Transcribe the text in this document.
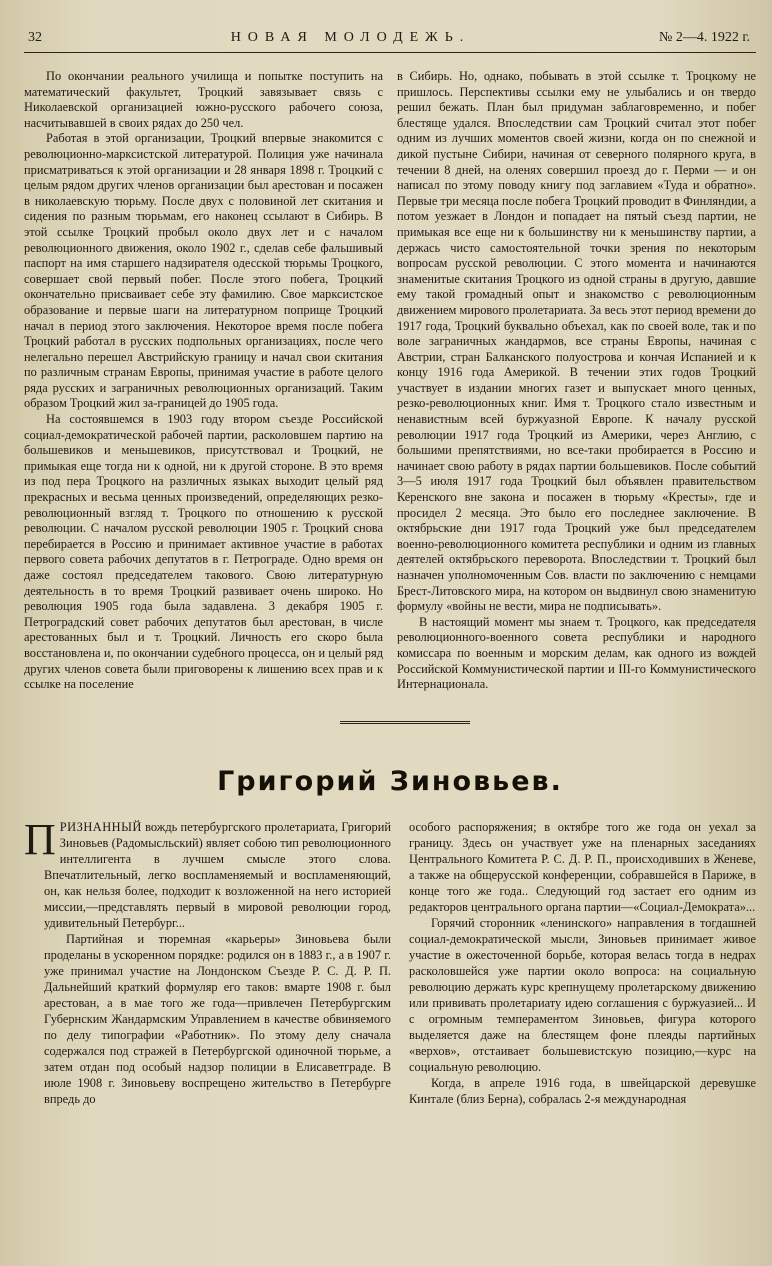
32	НОВАЯ МОЛОДЕЖЬ.	№ 2—4. 1922 г.

По окончании реального училища и попытке поступить на математический факультет, Троцкий завязывает связь с Николаевской организацией южно-русского рабочего союза, насчитывавшей в своих рядах до 250 чел.

Работая в этой организации, Троцкий впервые знакомится с революционно-марксистской литературой. Полиция уже начинала присматриваться к этой организации и 28 января 1898 г. Троцкий с целым рядом других членов организации был арестован и посажен в николаевскую тюрьму. После двух с половиной лет скитания и сидения по разным тюрьмам, его наконец ссылают в Сибирь. В этой ссылке Троцкий пробыл около двух лет и с началом революционного движения, около 1902 г., сделав себе фальшивый паспорт на имя старшего надзирателя одесской тюрьмы Троцкого, совершает свой первый побег. После этого побега, Троцкий окончательно присваивает себе эту фамилию. Свое марксистское образование и первые шаги на литературном поприще Троцкий начал в период этого заключения. Некоторое время после побега Троцкий работал в русских подпольных организациях, после чего нелегально перешел Австрийскую границу и начал свои скитания по различным странам Европы, принимая участие в работе целого ряда русских и заграничных революционных организаций. Таким образом Троцкий жил за-границей до 1905 года.

На состоявшемся в 1903 году втором съезде Российской социал-демократической рабочей партии, расколовшем партию на большевиков и меньшевиков, присутствовал и Троцкий, не примыкая еще тогда ни к одной, ни к другой стороне. В это время из под пера Троцкого на различных языках выходит целый ряд прекрасных и весьма ценных произведений, определяющих резко-революционный взгляд т. Троцкого по отношению к русской революции. С началом русской революции 1905 г. Троцкий снова перебирается в Россию и принимает активное участие в работах первого совета рабочих депутатов в г. Петрограде. Одно время он даже состоял председателем такового. Свою литературную деятельность в то время Троцкий развивает очень широко. Но революция 1905 года была задавлена. 3 декабря 1905 г. Петроградский совет рабочих депутатов был арестован, в числе арестованных был и т. Троцкий. Личность его скоро была восстановлена и, по окончании судебного процесса, он и целый ряд других членов совета были приговорены к лишению всех прав и к ссылке на поселение

в Сибирь. Но, однако, побывать в этой ссылке т. Троцкому не пришлось. Перспективы ссылки ему не улыбались и он твердо решил бежать. План был придуман заблаговременно, и побег блестяще удался. Впоследствии сам Троцкий считал этот побег одним из лучших моментов своей жизни, когда он по снежной и дикой пустыне Сибири, начиная от северного полярного круга, в течении 8 дней, на оленях совершил проезд до г. Перми — и он написал по этому поводу книгу под заглавием «Туда и обратно». Первые три месяца после побега Троцкий проводит в Финляндии, а потом уезжает в Лондон и попадает на пятый съезд партии, не примыкая все еще ни к большинству ни к меньшинству партии, а держась чисто самостоятельной точки зрения по некоторым вопросам русской революции. С этого момента и начинаются знаменитые скитания Троцкого из одной страны в другую, давшие ему такой громадный опыт и знакомство с революционным движением мирового пролетариата. За весь этот период времени до 1917 года, Троцкий буквально объехал, как по своей воле, так и по воле заграничных жандармов, все страны Европы, начиная с Австрии, стран Балканского полуострова и кончая Испанией и к концу 1916 года Америкой. В течении этих годов Троцкий участвует в издании многих газет и выпускает много ценных, резко-революционных книг. Имя т. Троцкого стало известным и ненавистным всей буржуазной Европе. К началу русской революции 1917 года Троцкий из Америки, через Англию, с большими препятствиями, но все-таки пробирается в Россию и начинает свою работу в рядах партии большевиков. После событий 3—5 июля 1917 года Троцкий был объявлен правительством Керенского вне закона и посажен в тюрьму «Кресты», где и просидел 2 месяца. Это было его последнее заключение. В октябрьские дни 1917 года Троцкий уже был председателем военно-революционного комитета республики и одним из главных деятелей октябрьского переворота. Впоследствии т. Троцкий был назначен уполномоченным Сов. власти по заключению с немцами Брест-Литовского мира, на котором он выдвинул свою знаменитую формулу «войны не вести, мира не подписывать».

В настоящий момент мы знаем т. Троцкого, как председателя революционного-военного совета республики и народного комиссара по военным и морским делам, как одного из вождей Российской Коммунистической партии и III-го Коммунистического Интернационала.

Григорий Зиновьев.

ПРИЗНАННЫЙ вождь петербургского пролетариата, Григорий Зиновьев (Радомысльский) являет собою тип революционного интеллигента в лучшем смысле этого слова. Впечатлительный, легко воспламеняемый и воспламеняющий, он, как нельзя более, подходит к возложенной на него историей миссии,—представлять первый в мировой революции город, удивительный Петербург...

Партийная и тюремная «карьеры» Зиновьева были проделаны в ускоренном порядке: родился он в 1883 г., а в 1907 г. уже принимал участие на Лондонском Съезде Р. С. Д. Р. П. Дальнейший краткий формуляр его таков: вмарте 1908 г. был арестован, а в мае того же года—привлечен Петербургским Губернским Жандармским Управлением в качестве обвиняемого по делу типографии «Работник». По этому делу сначала содержался под стражей в Петербургской одиночной тюрьме, а затем отдан под особый надзор полиции в Елисаветграде. В июле 1908 г. Зиновьеву воспрещено жительство в Петербурге впредь до

особого распоряжения; в октябре того же года он уехал за границу. Здесь он участвует уже на пленарных заседаниях Центрального Комитета Р. С. Д. Р. П., происходивших в Женеве, а также на общерусской конференции, собравшейся в Париже, в конце того же года.. Следующий год застает его одним из редакторов центрального органа партии—«Социал-Демократа»...

Горячий сторонник «ленинского» направления в тогдашней социал-демократической мысли, Зиновьев принимает живое участие в ожесточенной борьбе, которая велась тогда в недрах расколовшейся уже партии около вопроса: на социальную революцию держать курс крепнущему пролетарскому движению или прививать пролетариату идею соглашения с буржуазией... И с огромным темпераментом Зиновьев, фигура которого выделяется даже на блестящем фоне плеяды партийных «верхов», отстаивает большевистскую позицию,—курс на социальную революцию.

Когда, в апреле 1916 года, в швейцарской деревушке Кинтале (близ Берна), собралась 2-я международная
